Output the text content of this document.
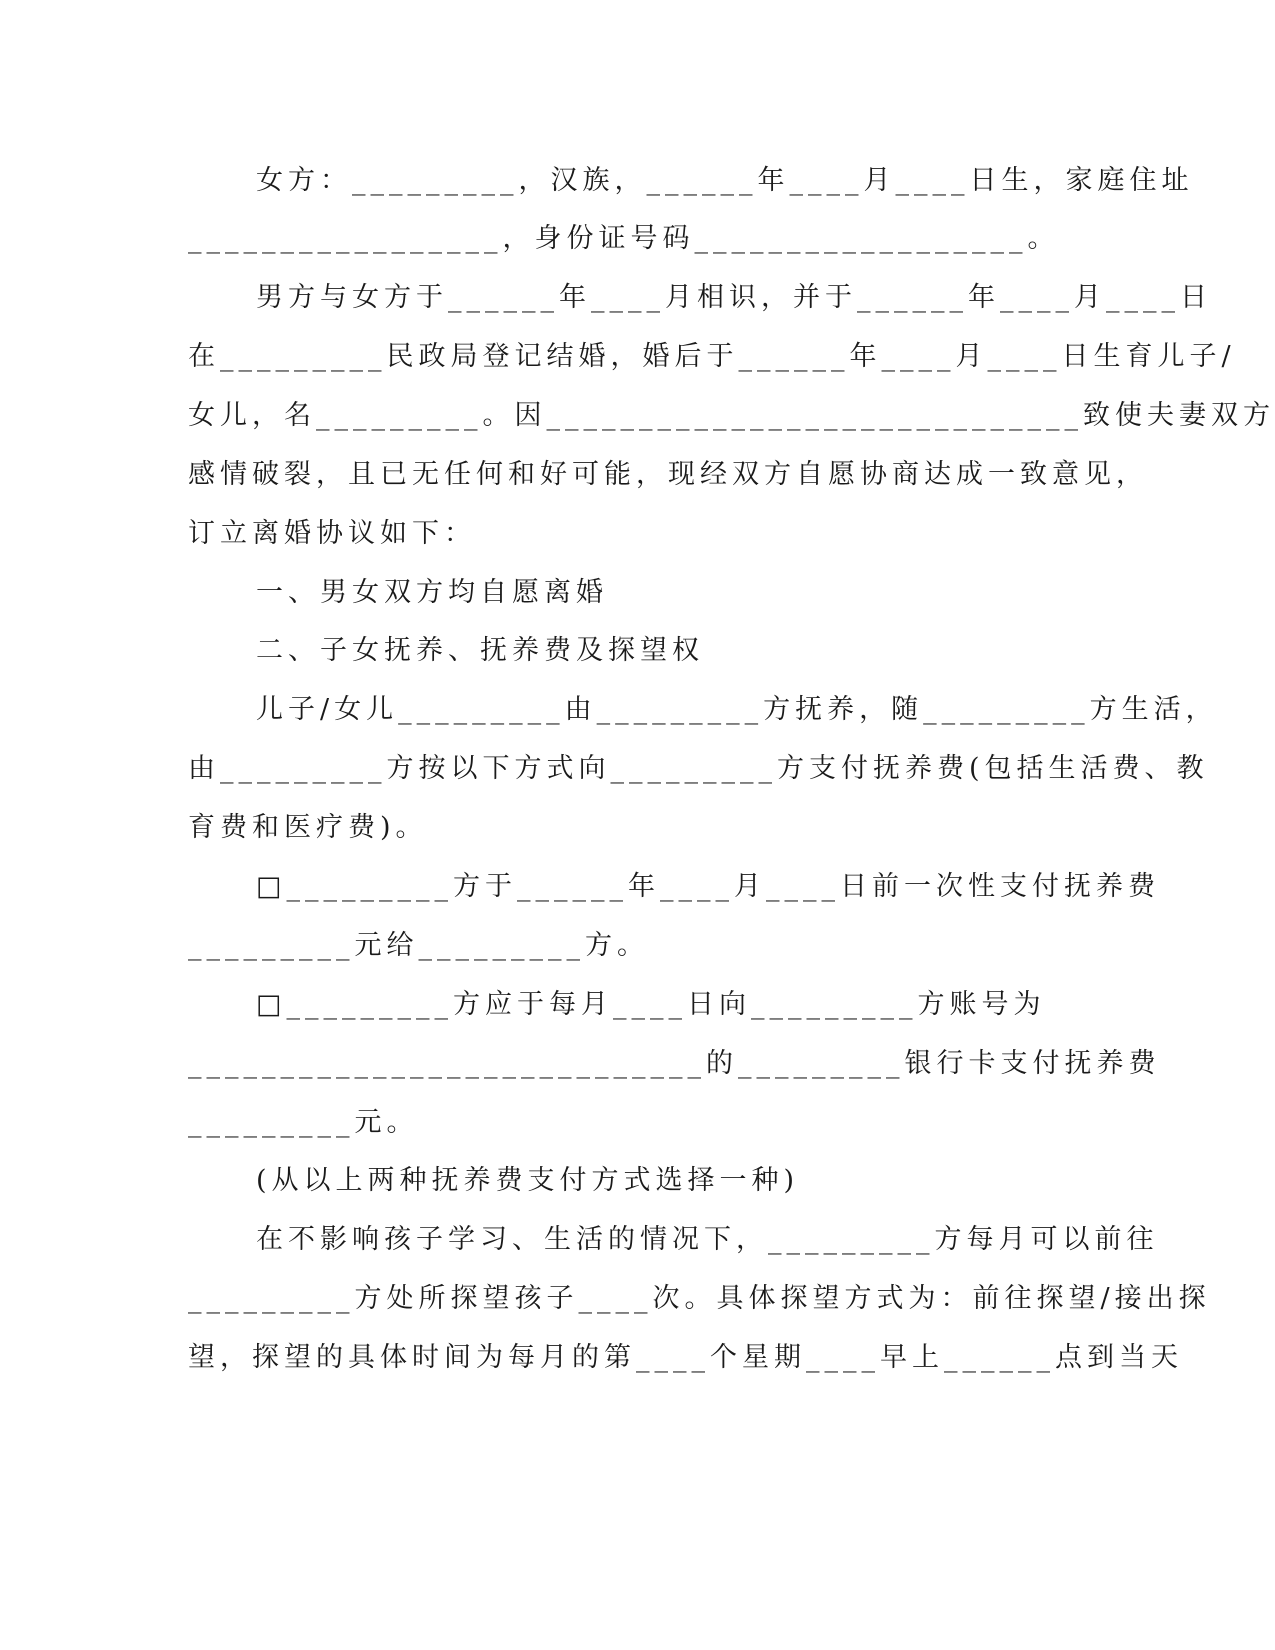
女方：_________，汉族，______年____月____日生，家庭住址
_________________，身份证号码__________________。
男方与女方于______年____月相识，并于______年____月____日
在_________民政局登记结婚，婚后于______年____月____日生育儿子/
女儿，名_________。因_____________________________致使夫妻双方
感情破裂，且已无任何和好可能，现经双方自愿协商达成一致意见，
订立离婚协议如下：
一、男女双方均自愿离婚
二、子女抚养、抚养费及探望权
儿子/女儿_________由_________方抚养，随_________方生活，
由_________方按以下方式向_________方支付抚养费(包括生活费、教
育费和医疗费)。
□_________方于______年____月____日前一次性支付抚养费
_________元给_________方。
□_________方应于每月____日向_________方账号为
____________________________的_________银行卡支付抚养费
_________元。
(从以上两种抚养费支付方式选择一种)
在不影响孩子学习、生活的情况下，_________方每月可以前往
_________方处所探望孩子____次。具体探望方式为：前往探望/接出探
望，探望的具体时间为每月的第____个星期____早上______点到当天
